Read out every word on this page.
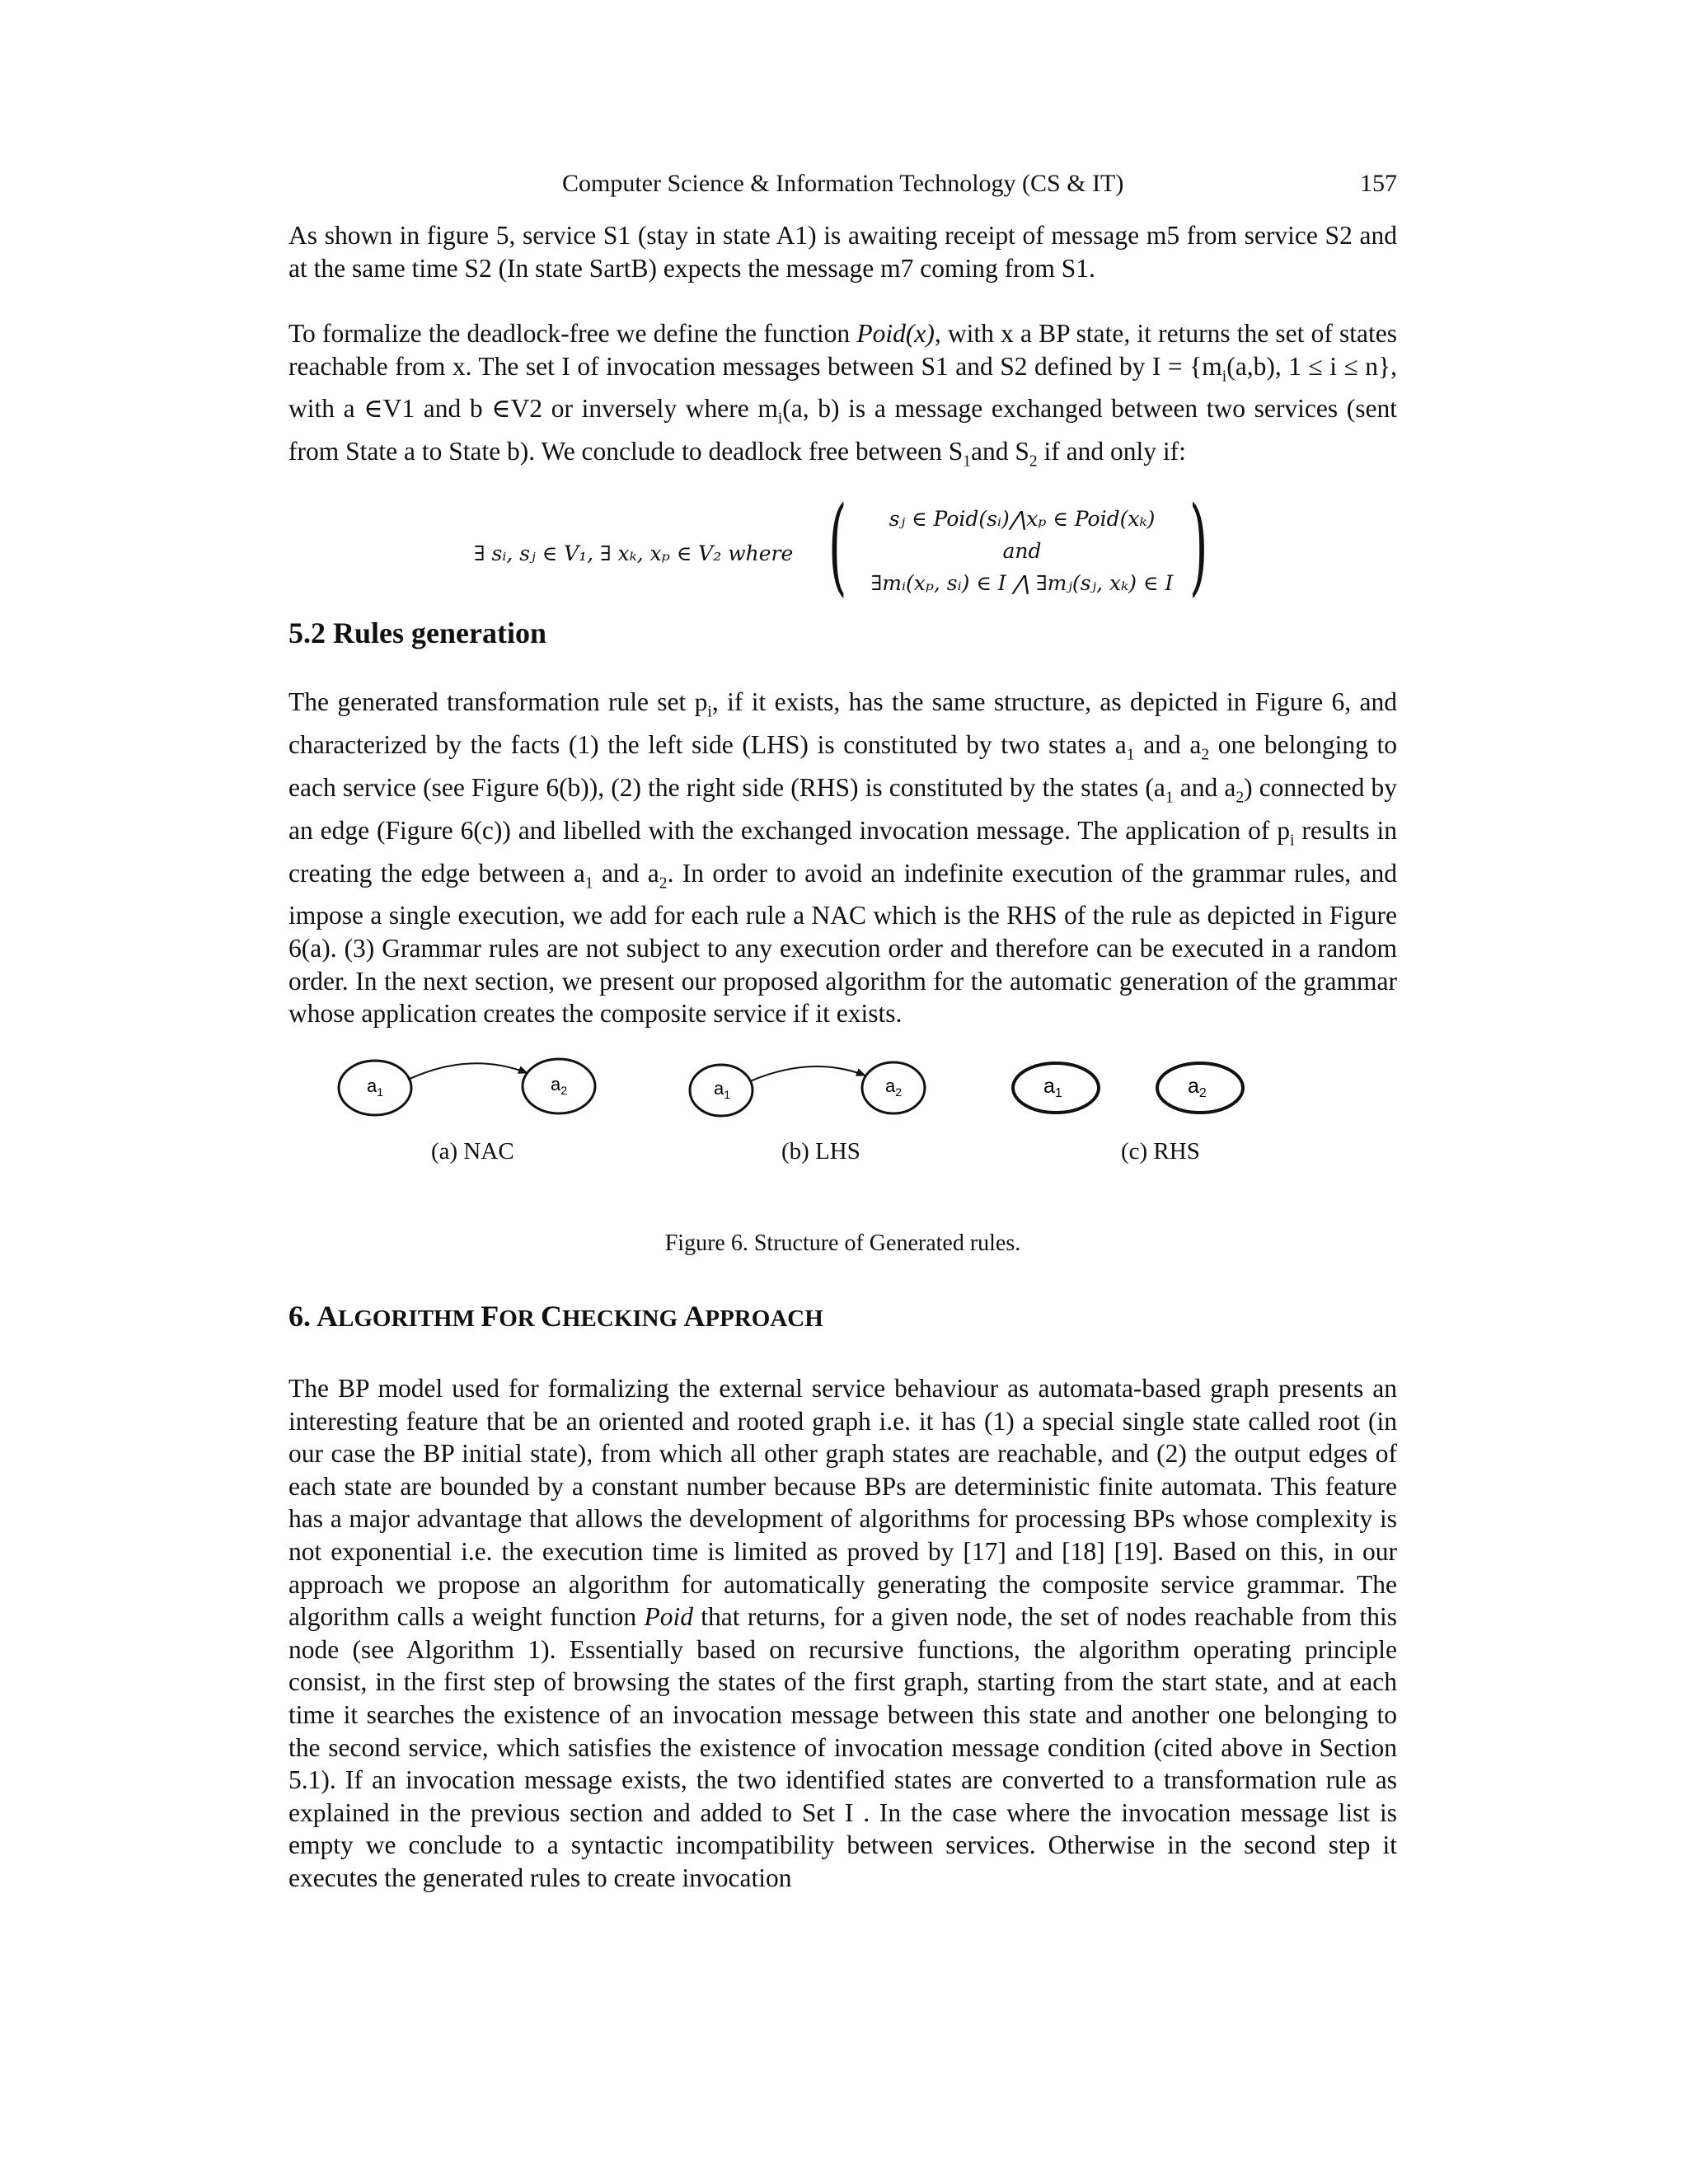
Computer Science & Information Technology (CS & IT)	157

As shown in figure 5, service S1 (stay in state A1) is awaiting receipt of message m5 from service S2 and at the same time S2 (In state SartB) expects the message m7 coming from S1.

To formalize the deadlock-free we define the function Poid(x), with x a BP state, it returns the set of states reachable from x. The set I of invocation messages between S1 and S2 defined by $I = \{m_i(a,b)$, 1 ≤ i ≤ n}, with a ∈V1 and b ∈V2 or inversely where $m_i(a$, b) is a message exchanged between two services (sent from State a to State b). We conclude to deadlock free between $S_1and$ $S_2$ if and only if:

∃ sᵢ, sⱼ ∈ V₁, ∃ xₖ, xₚ ∈ V₂ where (	sⱼ ∈ Poid(sᵢ)⋀xₚ ∈ Poid(xₖ)
and
∃mᵢ(xₚ, sᵢ) ∈ I ⋀ ∃mⱼ(sⱼ, xₖ) ∈ I )
5.2 Rules generation

The generated transformation rule set $p_i$, if it exists, has the same structure, as depicted in Figure 6, and characterized by the facts (1) the left side (LHS) is constituted by two states $a_1$ and $a_2$ one belonging to each service (see Figure 6(b)), (2) the right side (RHS) is constituted by the states ($a_1$ and $a_2$) connected by an edge (Figure 6(c)) and libelled with the exchanged invocation message. The application of $p_i$ results in creating the edge between $a_1$ and $a_2$. In order to avoid an indefinite execution of the grammar rules, and impose a single execution, we add for each rule a NAC which is the RHS of the rule as depicted in Figure 6(a). (3) Grammar rules are not subject to any execution order and therefore can be executed in a random order. In the next section, we present our proposed algorithm for the automatic generation of the grammar whose application creates the composite service if it exists.

$a_1$	$a_2$	$a_1$	$a_2$	$a_1$	$a_2$
(a) NAC	(b) LHS	(c) RHS
Figure 6. Structure of Generated rules.
6. ALGORITHM FOR CHECKING APPROACH

The BP model used for formalizing the external service behaviour as automata-based graph presents an interesting feature that be an oriented and rooted graph i.e. it has (1) a special single state called root (in our case the BP initial state), from which all other graph states are reachable, and (2) the output edges of each state are bounded by a constant number because BPs are deterministic finite automata. This feature has a major advantage that allows the development of algorithms for processing BPs whose complexity is not exponential i.e. the execution time is limited as proved by [17] and [18] [19]. Based on this, in our approach we propose an algorithm for automatically generating the composite service grammar. The algorithm calls a weight function Poid that returns, for a given node, the set of nodes reachable from this node (see Algorithm 1). Essentially based on recursive functions, the algorithm operating principle consist, in the first step of browsing the states of the first graph, starting from the start state, and at each time it searches the existence of an invocation message between this state and another one belonging to the second service, which satisfies the existence of invocation message condition (cited above in Section 5.1). If an invocation message exists, the two identified states are converted to a transformation rule as explained in the previous section and added to Set I . In the case where the invocation message list is empty we conclude to a syntactic incompatibility between services. Otherwise in the second step it executes the generated rules to create invocation
